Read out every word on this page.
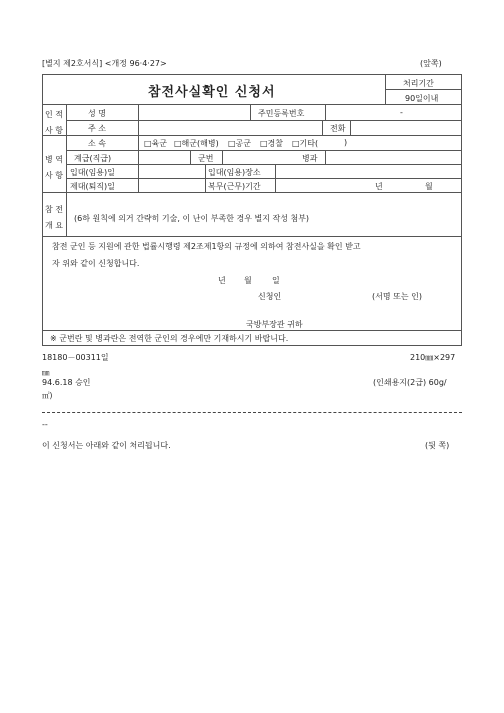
[별지 제2호서식] <개정 96·4·27>	(앞쪽)
참전사실확인 신청서
처리기간
90일이내
인 적
사 항
성 명	주민등록번호	-
주 소	전화
병 역
사 항
소 속	□육군 □해군(해병) □공군 □경찰 □기타(	)
계급(직급)	군번	병과
입대(임용)일	입대(임용)장소
제대(퇴직)일	복무(근무)기간	년	월
참 전
개 요
(6하 원칙에 의거 간략히 기술, 이 난이 부족한 경우 별지 작성 첨부)
참전 군인 등 지원에 관한 법률시행령 제2조제1항의 규정에 의하여 참전사실을 확인 받고
자 위와 같이 신청합니다.
년 월	일
신청인	(서명 또는 인)
국방부장관 귀하
※ 군번란 및 병과란은 전역한 군인의 경우에만 기재하시기 바랍니다.
18180－00311일	210㎜×297
㎜
94.6.18 승인	(인쇄용지(2급) 60g/
㎡)
--
이 신청서는 아래와 같이 처리됩니다.	(뒷 쪽)
